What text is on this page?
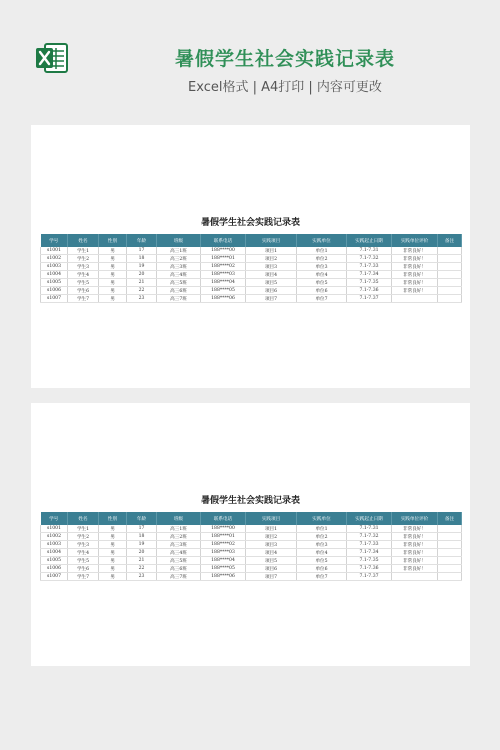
暑假学生社会实践记录表
Excel格式 | A4打印 | 内容可更改
暑假学生社会实践记录表
学号	姓名	性别	年龄	班级	联系电话	实践项目	实践单位	实践起止日期	实践单位评价	备注
s1001	学生1	男	17	高三1班	188****00	项目1	单位1	7.1-7.31	非常良好！	
s1002	学生2	男	18	高三2班	188****01	项目2	单位2	7.1-7.32	非常良好！	
s1003	学生3	男	19	高三3班	188****02	项目3	单位3	7.1-7.33	非常良好！	
s1004	学生4	男	20	高三4班	188****03	项目4	单位4	7.1-7.34	非常良好！	
s1005	学生5	男	21	高三5班	188****04	项目5	单位5	7.1-7.35	非常良好！	
s1006	学生6	男	22	高三6班	188****05	项目6	单位6	7.1-7.36	非常良好！	
s1007	学生7	男	23	高三7班	188****06	项目7	单位7	7.1-7.37		
暑假学生社会实践记录表
学号	姓名	性别	年龄	班级	联系电话	实践项目	实践单位	实践起止日期	实践单位评价	备注
s1001	学生1	男	17	高三1班	188****00	项目1	单位1	7.1-7.31	非常良好！	
s1002	学生2	男	18	高三2班	188****01	项目2	单位2	7.1-7.32	非常良好！	
s1003	学生3	男	19	高三3班	188****02	项目3	单位3	7.1-7.33	非常良好！	
s1004	学生4	男	20	高三4班	188****03	项目4	单位4	7.1-7.34	非常良好！	
s1005	学生5	男	21	高三5班	188****04	项目5	单位5	7.1-7.35	非常良好！	
s1006	学生6	男	22	高三6班	188****05	项目6	单位6	7.1-7.36	非常良好！	
s1007	学生7	男	23	高三7班	188****06	项目7	单位7	7.1-7.37		
